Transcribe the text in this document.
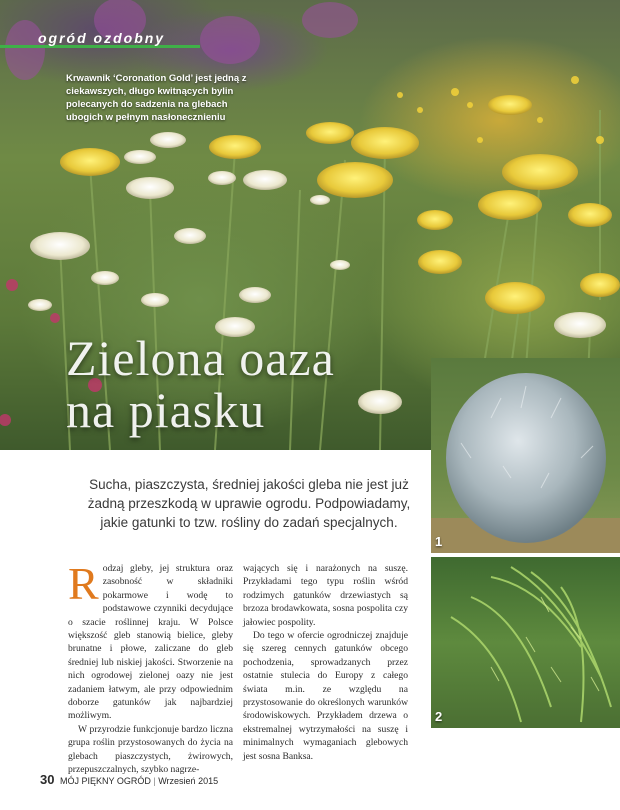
ogród ozdobny
Krwawnik ‘Coronation Gold’ jest jedną z ciekawszych, długo kwitnących bylin polecanych do sadzenia na glebach ubogich w pełnym nasłonecznieniu
Zielona oaza
na piasku
1
2
Sucha, piaszczysta, średniej jakości gleba nie jest już żadną przeszkodą w uprawie ogrodu. Podpowiadamy, jakie gatunki to tzw. rośliny do zadań specjalnych.

Rodzaj gleby, jej struktura oraz zasobność w składniki pokarmowe i wodę to podstawowe czynniki decydujące o szacie roślinnej kraju. W Polsce większość gleb stanowią bielice, gleby brunatne i płowe, zaliczane do gleb średniej lub niskiej jakości. Stworzenie na nich ogrodowej zielonej oazy nie jest zadaniem łatwym, ale przy odpowiednim doborze gatunków jak najbardziej możliwym.

W przyrodzie funkcjonuje bardzo liczna grupa roślin przystosowanych do życia na glebach piaszczystych, żwirowych, przepuszczalnych, szybko nagrze-

wających się i narażonych na suszę. Przykładami tego typu roślin wśród rodzimych gatunków drzewiastych są brzoza brodawkowata, sosna pospolita czy jałowiec pospolity.

Do tego w ofercie ogrodniczej znajduje się szereg cennych gatunków obcego pochodzenia, sprowadzanych przez ostatnie stulecia do Europy z całego świata m.in. ze względu na przystosowanie do określonych warunków środowiskowych. Przykładem drzewa o ekstremalnej wytrzymałości na suszę i minimalnych wymaganiach glebowych jest sosna Banksa.

30 MÓJ PIĘKNY OGRÓD | Wrzesień 2015
